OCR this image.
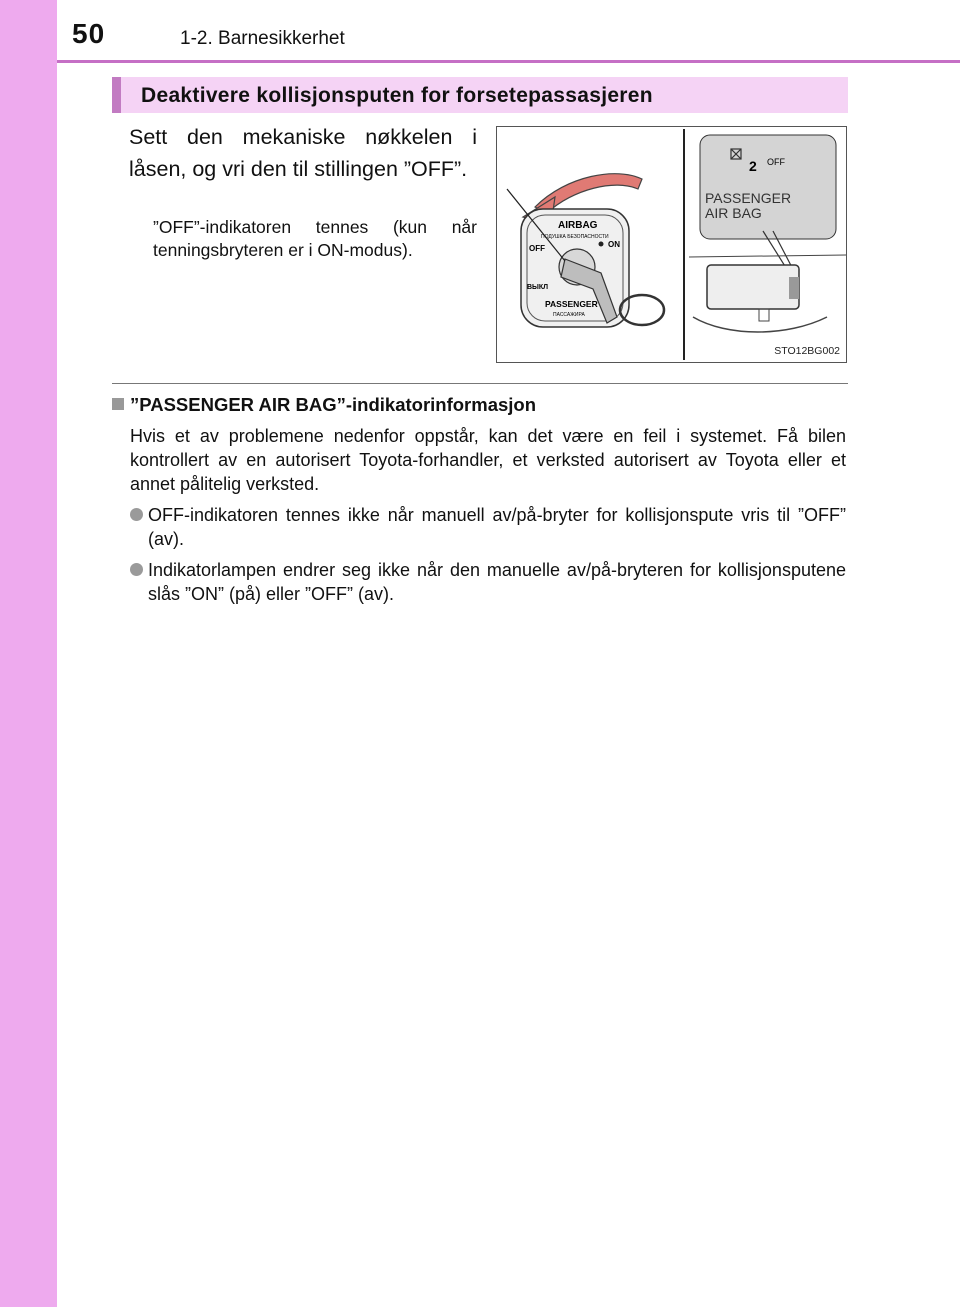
50	1-2. Barnesikkerhet
Deaktivere kollisjonsputen for forsetepassasjeren
Sett den mekaniske nøkkelen i låsen, og vri den til stillingen ”OFF”.
”OFF”-indikatoren tennes (kun når tenningsbryteren er i ON-modus).
AIRBAG
ПОДУШКА БЕЗОПАСНОСТИ
OFF	ON
ВЫКЛ
PASSENGER
ПАССАЖИРА
OFF
2
PASSENGER
AIR BAG
STO12BG002
”PASSENGER AIR BAG”-indikatorinformasjon
Hvis et av problemene nedenfor oppstår, kan det være en feil i systemet. Få bilen kontrollert av en autorisert Toyota-forhandler, et verksted autorisert av Toyota eller et annet pålitelig verksted.
OFF-indikatoren tennes ikke når manuell av/på-bryter for kollisjonspute vris til ”OFF” (av).
Indikatorlampen endrer seg ikke når den manuelle av/på-bryteren for kollisjonsputene slås ”ON” (på) eller ”OFF” (av).
